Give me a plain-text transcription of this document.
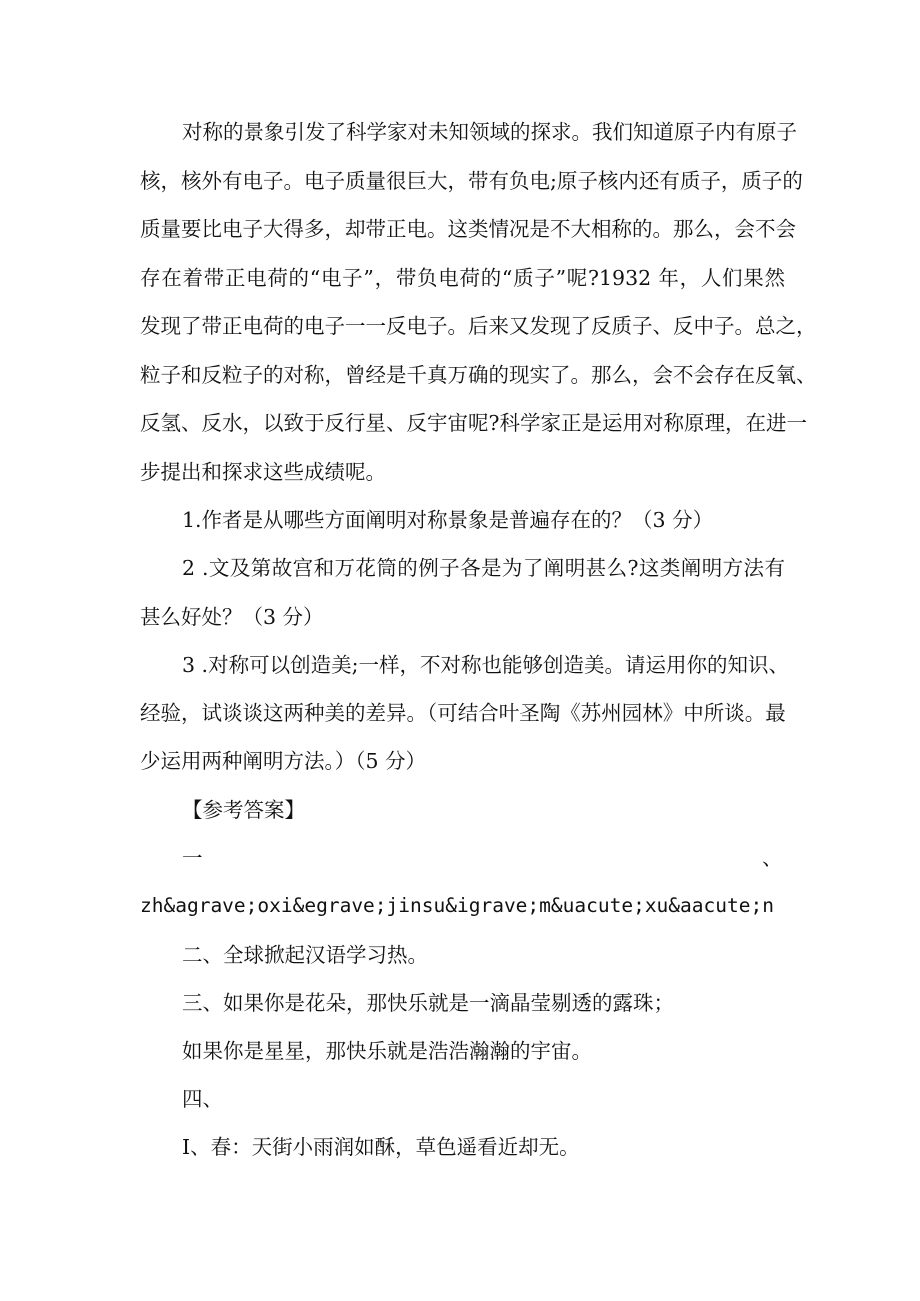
对称的景象引发了科学家对未知领域的探求。我们知道原子内有原子
核，核外有电子。电子质量很巨大，带有负电;原子核内还有质子，质子的
质量要比电子大得多，却带正电。这类情况是不大相称的。那么，会不会
存在着带正电荷的“电子”，带负电荷的“质子”呢?1932 年，人们果然
发现了带正电荷的电子一一反电子。后来又发现了反质子、反中子。总之，
粒子和反粒子的对称，曾经是千真万确的现实了。那么，会不会存在反氧、
反氢、反水，以致于反行星、反宇宙呢?科学家正是运用对称原理，在进一
步提出和探求这些成绩呢。
1.作者是从哪些方面阐明对称景象是普遍存在的？（3 分）
2 .文及第故宫和万花筒的例子各是为了阐明甚么?这类阐明方法有
甚么好处？（3 分）
3 .对称可以创造美;一样，不对称也能够创造美。请运用你的知识、
经验，试谈谈这两种美的差异。（可结合叶圣陶《苏州园林》中所谈。最
少运用两种阐明方法。）（5 分）
【参考答案】
一	、
zh&agrave;oxi&egrave;jinsu&igrave;m&uacute;xu&aacute;n
二、全球掀起汉语学习热。
三、如果你是花朵，那快乐就是一滴晶莹剔透的露珠；
如果你是星星，那快乐就是浩浩瀚瀚的宇宙。
四、
I、春：天街小雨润如酥，草色遥看近却无。
